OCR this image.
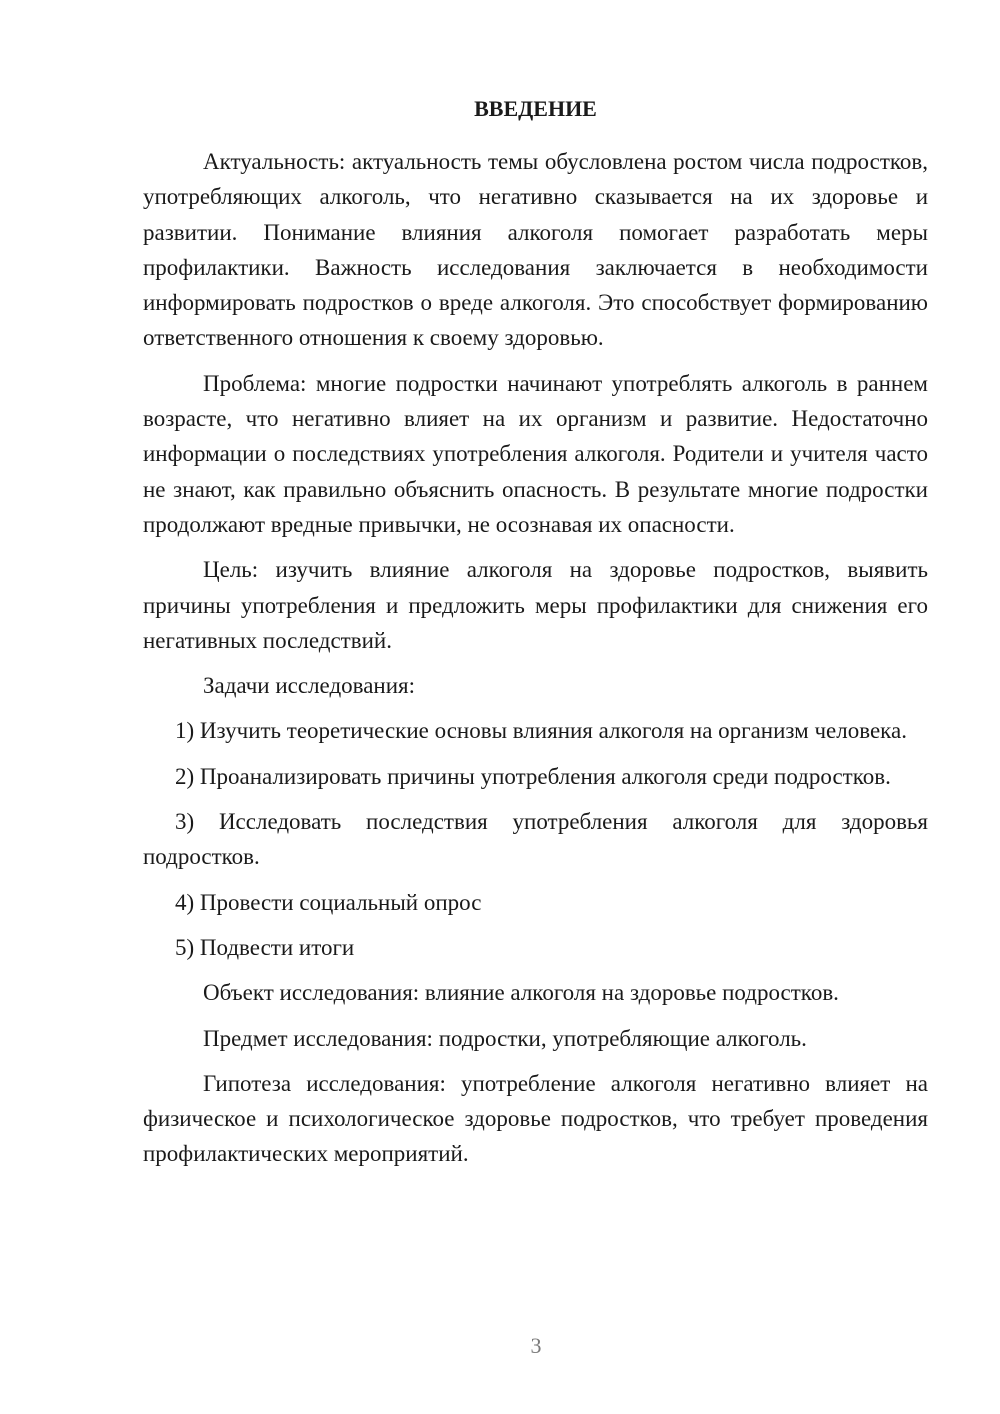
ВВЕДЕНИЕ

Актуальность: актуальность темы обусловлена ростом числа подростков, употребляющих алкоголь, что негативно сказывается на их здоровье и развитии. Понимание влияния алкоголя помогает разработать меры профилактики. Важность исследования заключается в необходимости информировать подростков о вреде алкоголя. Это способствует формированию ответственного отношения к своему здоровью.

Проблема: многие подростки начинают употреблять алкоголь в раннем возрасте, что негативно влияет на их организм и развитие. Недостаточно информации о последствиях употребления алкоголя. Родители и учителя часто не знают, как правильно объяснить опасность. В результате многие подростки продолжают вредные привычки, не осознавая их опасности.

Цель: изучить влияние алкоголя на здоровье подростков, выявить причины употребления и предложить меры профилактики для снижения его негативных последствий.

Задачи исследования:

1) Изучить теоретические основы влияния алкоголя на организм человека.

2) Проанализировать причины употребления алкоголя среди подростков.

3) Исследовать последствия употребления алкоголя для здоровья подростков.

4) Провести социальный опрос

5) Подвести итоги

Объект исследования: влияние алкоголя на здоровье подростков.

Предмет исследования: подростки, употребляющие алкоголь.

Гипотеза исследования: употребление алкоголя негативно влияет на физическое и психологическое здоровье подростков, что требует проведения профилактических мероприятий.

3
